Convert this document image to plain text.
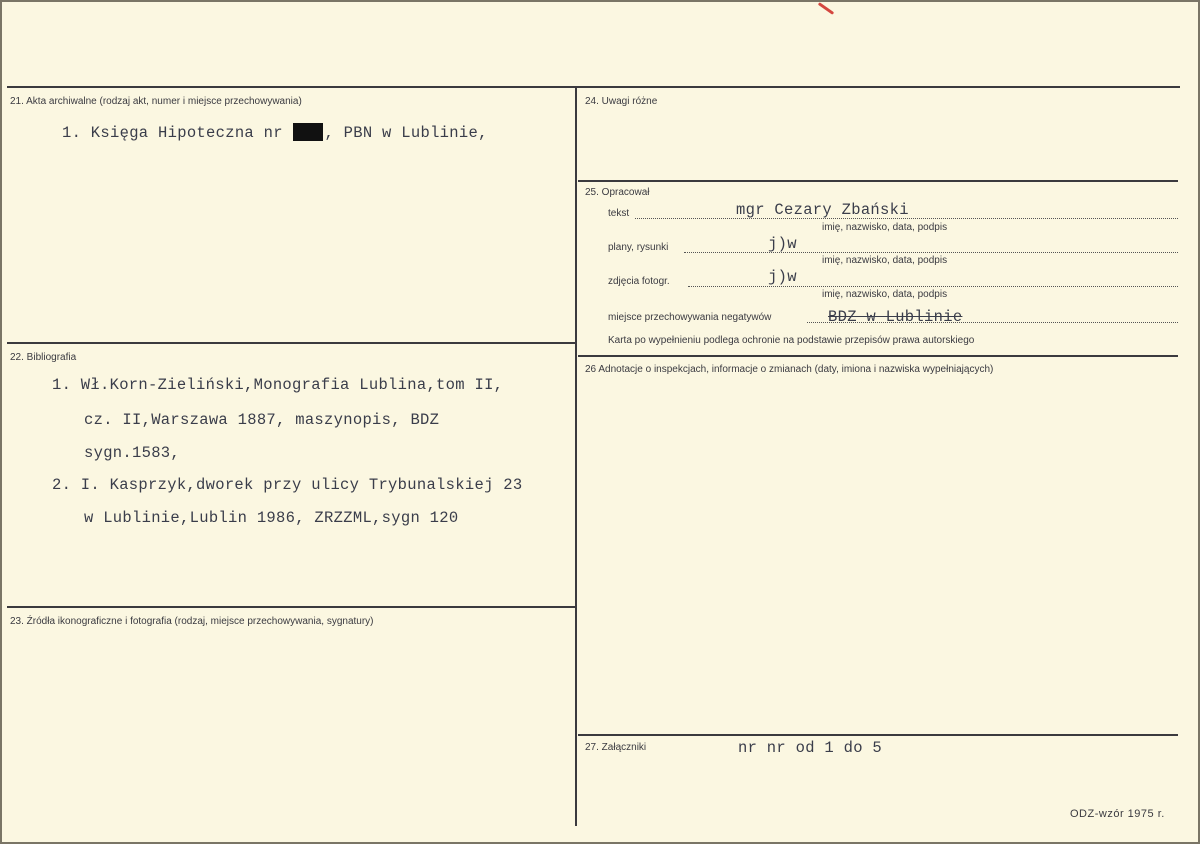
21. Akta archiwalne (rodzaj akt, numer i miejsce przechowywania)
1. Księga Hipoteczna nr	, PBN w Lublinie,
22. Bibliografia
1. Wł.Korn-Zieliński,Monografia Lublina,tom II,
cz. II,Warszawa 1887, maszynopis, BDZ
sygn.1583,
2. I. Kasprzyk,dworek przy ulicy Trybunalskiej 23
w Lublinie,Lublin 1986, ZRZZML,sygn 120
23. Źródła ikonograficzne i fotografia (rodzaj, miejsce przechowywania, sygnatury)
24. Uwagi różne
25. Opracował
tekst	mgr Cezary Zbański
imię, nazwisko, data, podpis
plany, rysunki	j)w
imię, nazwisko, data, podpis
zdjęcia fotogr.	j)w
imię, nazwisko, data, podpis
miejsce przechowywania negatywów	BDZ w Lublinie
Karta po wypełnieniu podlega ochronie na podstawie przepisów prawa autorskiego
26 Adnotacje o inspekcjach, informacje o zmianach (daty, imiona i nazwiska wypełniających)
27. Załączniki	nr nr od 1 do 5
ODZ-wzór 1975 r.
